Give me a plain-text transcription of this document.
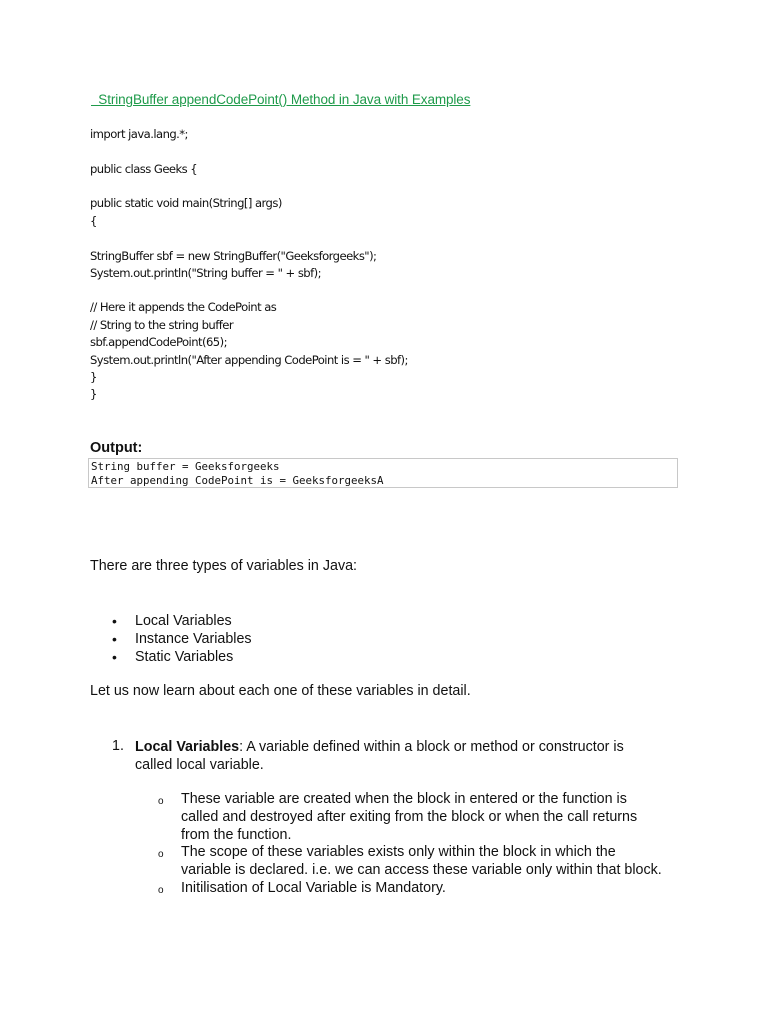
StringBuffer appendCodePoint() Method in Java with Examples
import java.lang.*;
public class Geeks {
public static void main(String[] args)
{
StringBuffer sbf = new StringBuffer("Geeksforgeeks");
System.out.println("String buffer = " + sbf);
// Here it appends the CodePoint as
// String to the string buffer
sbf.appendCodePoint(65);
System.out.println("After appending CodePoint is = " + sbf);
}
}
Output:
String buffer = Geeksforgeeks
After appending CodePoint is = GeeksforgeeksA

There are three types of variables in Java:

• Local Variables
• Instance Variables
• Static Variables

Let us now learn about each one of these variables in detail.

1. Local Variables: A variable defined within a block or method or constructor is called local variable.
o These variable are created when the block in entered or the function is called and destroyed after exiting from the block or when the call returns from the function.
o The scope of these variables exists only within the block in which the variable is declared. i.e. we can access these variable only within that block.
o Initilisation of Local Variable is Mandatory.
